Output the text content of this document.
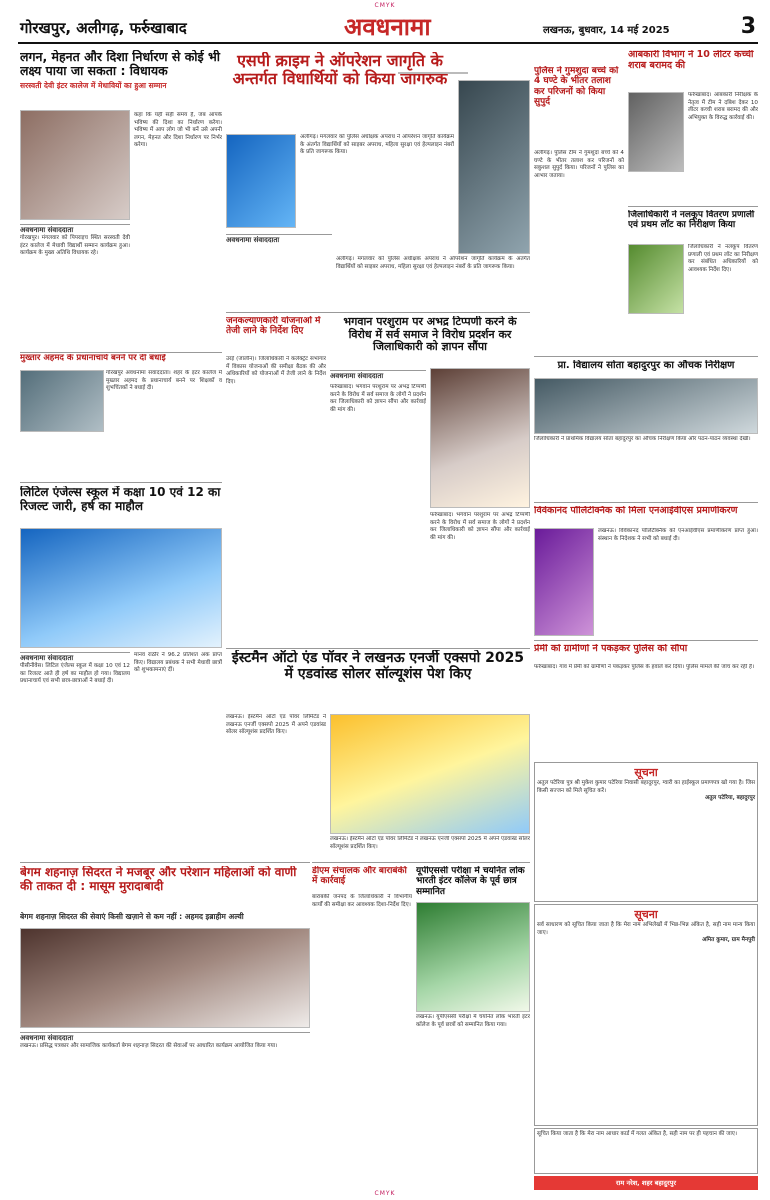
CMYK
गोरखपुर, अलीगढ़, फर्रुखाबाद	अवधनामा	लखनऊ, बुधवार, 14 मई 2025	3
लगन, मेहनत और दिशा निर्धारण से कोई भी लक्ष्य पाया जा सकता : विधायक
सरस्वती देवी इंटर कालेज में मेधावियों का हुआ सम्मान
अवधनामा संवाददाता
गोरखपुर। मंगलवार को पिपराइच स्थित सरस्वती देवी इंटर कालेज में मेधावी विद्यार्थी सम्मान कार्यक्रम हुआ। कार्यक्रम के मुख्य अतिथि विधायक रहे।
कहा कि यही सही समय है, जब आपके भविष्य की दिशा का निर्धारण करेगा। भविष्य में आप लोग जो भी बनें उसे अपनी लगन, मेहनत और दिशा निर्धारण पर निर्भर करेगा।
मुख्तार अहमद के प्रधानाचार्य बनने पर दी बधाई
गोरखपुर अवधनामा संवाददाता। शहर के इंटर कालेज में मुख्तार अहमद के प्रधानाचार्य बनने पर शिक्षकों व शुभचिंतकों ने बधाई दी।
लिटिल एंजेल्स स्कूल में कक्षा 10 एवं 12 का रिजल्ट जारी, हर्ष का माहौल
अवधनामा संवाददाता
पीसीनीवेस। लिटिल एंजेल्स स्कूल में कक्षा 10 एवं 12 का रिजल्ट आते ही हर्ष का माहौल हो गया। विद्यालय प्रधानाचार्य एवं सभी छात्र-छात्राओं ने बधाई दी।
मानव राठौर ने 96.2 प्रतिशत अंक प्राप्त किए। विद्यालय प्रबंधक ने सभी मेधावी छात्रों को शुभकामनाएं दीं।
बेगम शहनाज़ सिदरत ने मजबूर और परेशान महिलाओं को वाणी की ताकत दी : मासूम मुरादाबादी
बेगम शहनाज़ सिदरत की सेवाएं किसी खज़ाने से कम नहीं : अहमद इब्राहीम अल्वी
अवधनामा संवाददाता
लखनऊ। प्रसिद्ध पत्रकार और सामाजिक कार्यकर्ता बेगम शहनाज़ सिदरत की सेवाओं पर आधारित कार्यक्रम आयोजित किया गया।
एसपी क्राइम ने ऑपरेशन जागृति के अन्तर्गत विधार्थियों को किया जागरुक
अवधनामा संवाददाता
अलीगढ़। मंगलवार को पुलिस अधीक्षक अपराध ने ऑपरेशन जागृति कार्यक्रम के अंतर्गत विद्यार्थियों को साइबर अपराध, महिला सुरक्षा एवं हेल्पलाइन नंबरों के प्रति जागरूक किया।
अलीगढ़। मंगलवार को पुलिस अधीक्षक अपराध ने ऑपरेशन जागृति कार्यक्रम के अंतर्गत विद्यार्थियों को साइबर अपराध, महिला सुरक्षा एवं हेल्पलाइन नंबरों के प्रति जागरूक किया।
पुलिस ने गुमशुदा बच्चे को 4 घण्टे के भीतर तलाश कर परिजनों को किया सुपुर्द
अलीगढ़। पुलिस टीम ने गुमशुदा बच्चे को 4 घण्टे के भीतर तलाश कर परिजनों को सकुशल सुपुर्द किया। परिजनों ने पुलिस का आभार जताया।
आबकारी विभाग ने 10 लीटर कच्ची शराब बरामद की
फर्रुखाबाद। आबकारी निरीक्षक के नेतृत्व में टीम ने दबिश देकर 10 लीटर कच्ची शराब बरामद की और अभियुक्त के विरुद्ध कार्रवाई की।
जिलाधिकारी ने नलकूप वितरण प्रणाली एवं प्रथम लाॅट का निरीक्षण किया
जिलाधिकारी ने नलकूप वितरण प्रणाली एवं प्रथम लॉट का निरीक्षण कर संबंधित अधिकारियों को आवश्यक निर्देश दिए।
प्रा. विद्यालय सोता बहादुरपुर का औचक निरीक्षण
जिलाधिकारी ने प्राथमिक विद्यालय सोता बहादुरपुर का औचक निरीक्षण किया और पठन-पाठन व्यवस्था देखी।
विवेकानंद पॉलिटेक्निक को मिला एनआईवीएस प्रमाणीकरण
लखनऊ। विवेकानंद पॉलिटेक्निक को एनआईवीएस प्रमाणीकरण प्राप्त हुआ। संस्थान के निदेशक ने सभी को बधाई दी।
प्रेमी को ग्रामीणों ने पकड़कर पुलिस को सौंपा
फर्रुखाबाद। गांव में प्रेमी को ग्रामीणों ने पकड़कर पुलिस के हवाले कर दिया। पुलिस मामले की जांच कर रही है।
सूचना
अतुल पटेरिया पुत्र श्री मुकेश कुमार पटेरिया निवासी बहादुरपुर, ग्वारी का हाईस्कूल प्रमाणपत्र खो गया है। जिस किसी सज्जन को मिले सूचित करें।
अतुल पटेरिया, बहादुरपुर
सूचना
सर्व साधारण को सूचित किया जाता है कि मेरा नाम अभिलेखों में भिन्न-भिन्न अंकित है, सही नाम मान्य किया जाए।
अमित कुमार, ग्राम मैनपुरी
सूचित किया जाता है कि मेरा नाम आधार कार्ड में गलत अंकित है, सही नाम पर ही पहचान की जाए।
राम नरेश, शहर बहादुरपुर
जनकल्याणकारी योजनाओं में तेजी लाने के निर्देश दिए
उरई (जालौन)। जिलाधिकारी ने कलेक्ट्रेट सभागार में विकास योजनाओं की समीक्षा बैठक की और अधिकारियों को योजनाओं में तेजी लाने के निर्देश दिए।
भगवान परशुराम पर अभद्र टिप्पणी करने के विरोध में सर्व समाज ने विरोध प्रदर्शन कर जिलाधिकारी को ज्ञापन सौंपा
अवधनामा संवाददाता
फर्रुखाबाद। भगवान परशुराम पर अभद्र टिप्पणी करने के विरोध में सर्व समाज के लोगों ने प्रदर्शन कर जिलाधिकारी को ज्ञापन सौंपा और कार्रवाई की मांग की।
फर्रुखाबाद। भगवान परशुराम पर अभद्र टिप्पणी करने के विरोध में सर्व समाज के लोगों ने प्रदर्शन कर जिलाधिकारी को ज्ञापन सौंपा और कार्रवाई की मांग की।
ईस्टमैन ऑटो एंड पॉवर ने लखनऊ एनर्जी एक्सपो 2025 में एडवांस्ड सोलर सॉल्यूशंस पेश किए
लखनऊ। ईस्टमैन ऑटो एंड पॉवर लिमिटेड ने लखनऊ एनर्जी एक्सपो 2025 में अपने एडवांस्ड सोलर सॉल्यूशंस प्रदर्शित किए।
लखनऊ। ईस्टमैन ऑटो एंड पॉवर लिमिटेड ने लखनऊ एनर्जी एक्सपो 2025 में अपने एडवांस्ड सोलर सॉल्यूशंस प्रदर्शित किए।
डीएम संचालक और बाराबंकी में कार्रवाई
बाराबंकी जनपद के जिलाधिकारी ने विभागीय कार्यों की समीक्षा कर आवश्यक दिशा-निर्देश दिए।
यूपीएससी परीक्षा में चयनित लोक भारती इंटर कॉलेज के पूर्व छात्र सम्मानित
लखनऊ। यूपीएससी परीक्षा में चयनित लोक भारती इंटर कॉलेज के पूर्व छात्रों को सम्मानित किया गया।
CMYK
